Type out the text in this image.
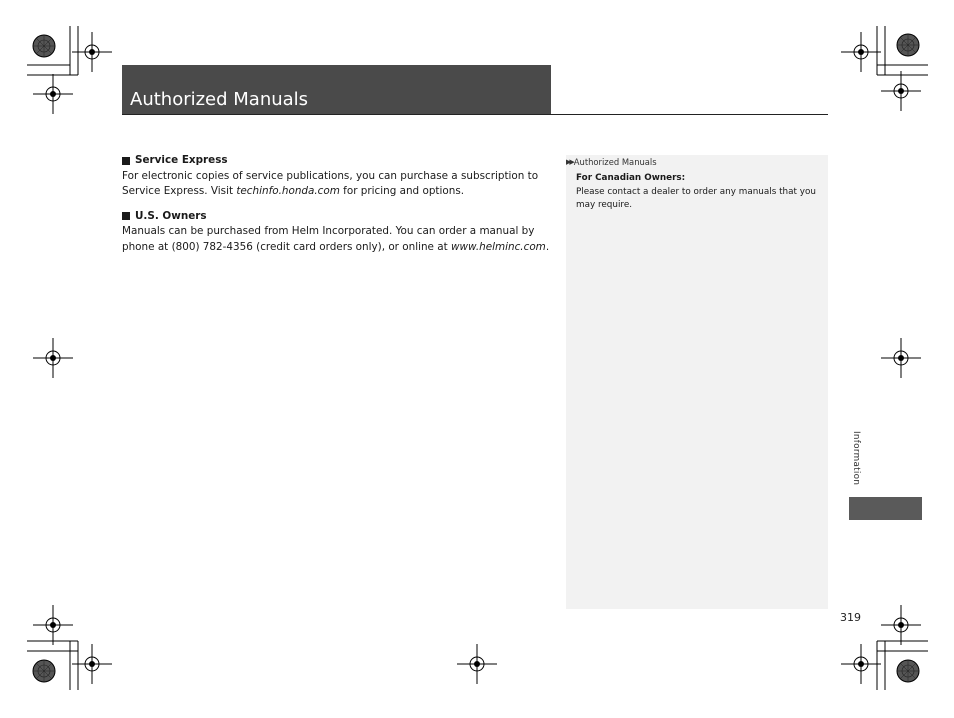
Authorized Manuals
Service Express

For electronic copies of service publications, you can purchase a subscription to Service Express. Visit techinfo.honda.com for pricing and options.

U.S. Owners

Manuals can be purchased from Helm Incorporated. You can order a manual by phone at (800) 782-4356 (credit card orders only), or online at www.helminc.com.

▶▶ Authorized Manuals
For Canadian Owners:

Please contact a dealer to order any manuals that you may require.

Information
319
